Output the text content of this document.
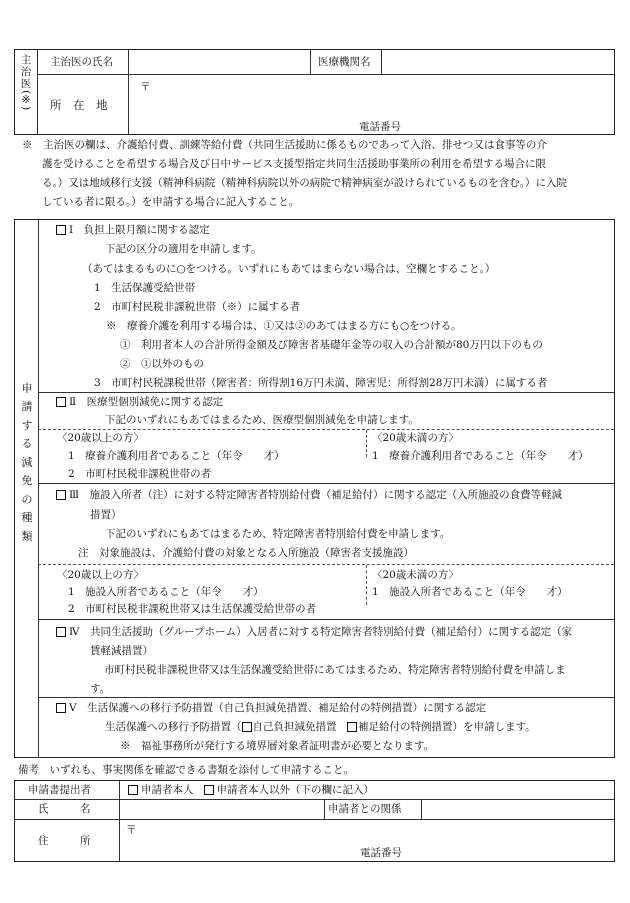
主
治
医
(※)
主治医の氏名	医療機関名
所　在　地
〒
電話番号
※　主治医の欄は、介護給付費、訓練等給付費（共同生活援助に係るものであって入浴、排せつ又は食事等の介
護を受けることを希望する場合及び日中サービス支援型指定共同生活援助事業所の利用を希望する場合に限
る。）又は地域移行支援（精神科病院（精神科病院以外の病院で精神病室が設けられているものを含む。）に入院
している者に限る。）を申請する場合に記入すること。
申
請
す
る
減
免
の
種
類
Ⅰ　負担上限月額に関する認定
下記の区分の適用を申請します。
（あてはまるものに○をつける。いずれにもあてはまらない場合は、空欄とすること。）
1　生活保護受給世帯
2　市町村民税非課税世帯（※）に属する者
※　療養介護を利用する場合は、①又は②のあてはまる方にも○をつける。
①　利用者本人の合計所得金額及び障害者基礎年金等の収入の合計額が80万円以下のもの
②　①以外のもの
3　市町村民税課税世帯（障害者：所得割16万円未満、障害児：所得割28万円未満）に属する者
Ⅱ　医療型個別減免に関する認定
下記のいずれにもあてはまるため、医療型個別減免を申請します。
〈20歳以上の方〉
1　療養介護利用者であること（年令　　才）
2　市町村民税非課税世帯の者
〈20歳未満の方〉
1　療養介護利用者であること（年令　　才）
Ⅲ　施設入所者（注）に対する特定障害者特別給付費（補足給付）に関する認定（入所施設の食費等軽減
措置）
下記のいずれにもあてはまるため、特定障害者特別給付費を申請します。
注　対象施設は、介護給付費の対象となる入所施設（障害者支援施設）
〈20歳以上の方〉
1　施設入所者であること（年令　　才）
2　市町村民税非課税世帯又は生活保護受給世帯の者
〈20歳未満の方〉
1　施設入所者であること（年令　　才）
Ⅳ　共同生活援助（グループホーム）入居者に対する特定障害者特別給付費（補足給付）に関する認定（家
賃軽減措置）
市町村民税非課税世帯又は生活保護受給世帯にあてはまるため、特定障害者特別給付費を申請しま
す。
Ⅴ　生活保護への移行予防措置（自己負担減免措置、補足給付の特例措置）に関する認定
生活保護への移行予防措置（ 自己負担減免措置　補足給付の特例措置）を申請します。
※　福祉事務所が発行する境界層対象者証明書が必要となります。
備考　いずれも、事実関係を確認できる書類を添付して申請すること。
申請書提出者	申請者本人 申請者本人以外（下の欄に記入）
氏　　　名	申請者との関係
住　　　所
〒
電話番号
